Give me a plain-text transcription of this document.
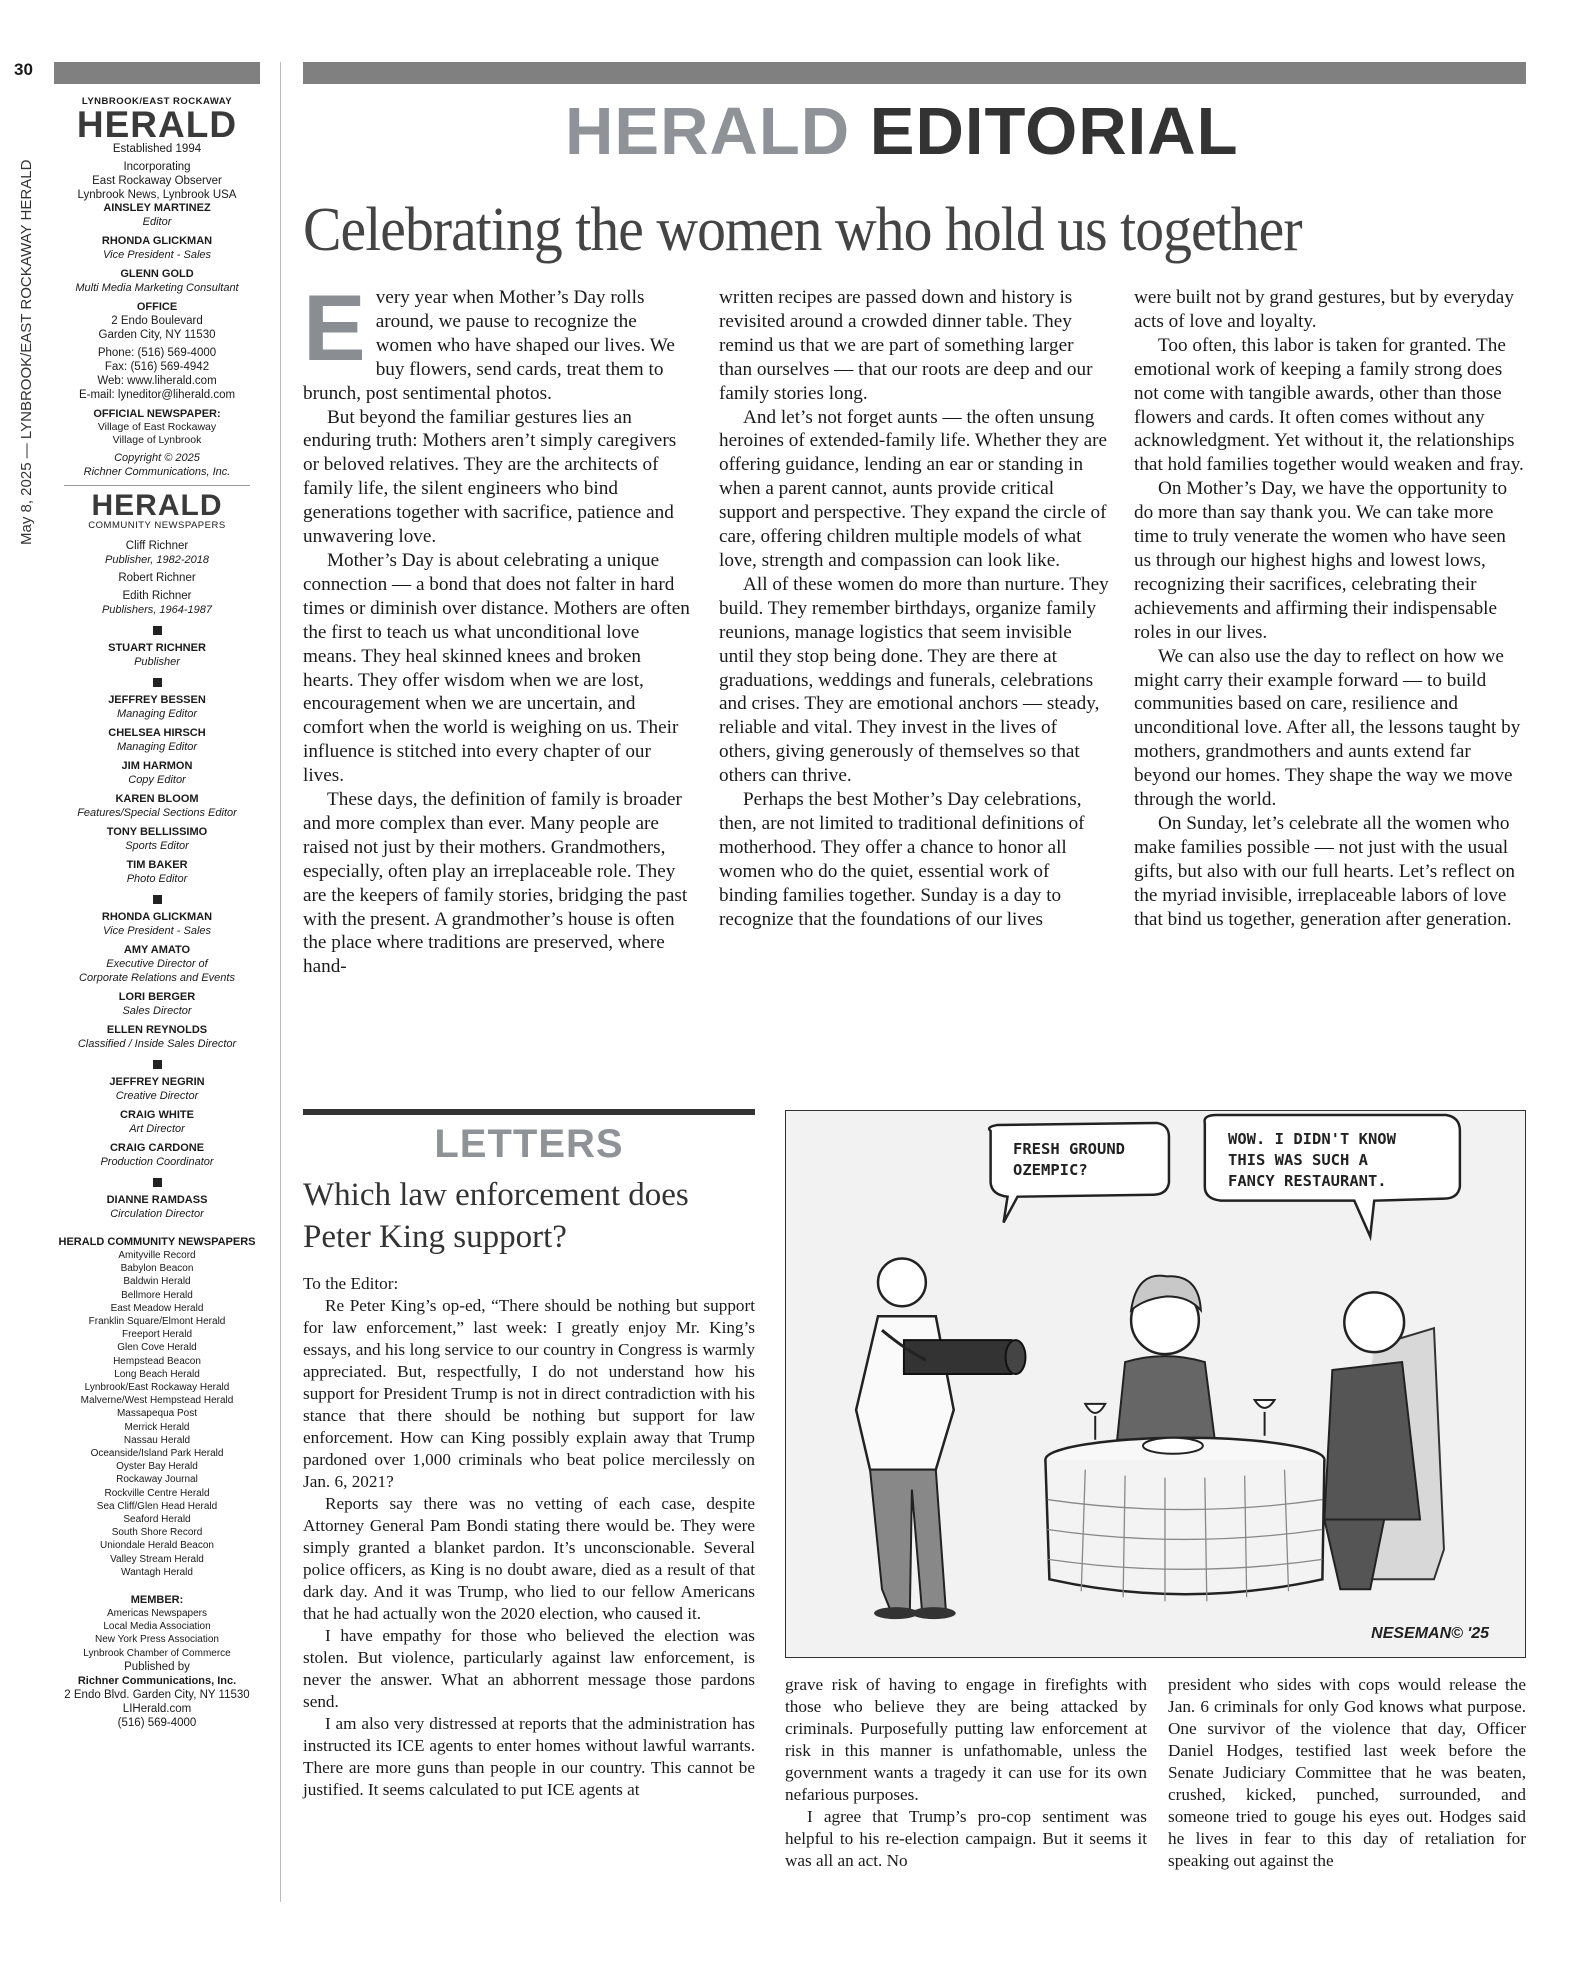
30
May 8, 2025 — LYNBROOK/EAST ROCKAWAY HERALD
LYNBROOK/EAST ROCKAWAY
HERALD
Established 1994
Incorporating
East Rockaway Observer
Lynbrook News, Lynbrook USA
AINSLEY MARTINEZ
Editor
RHONDA GLICKMAN
Vice President - Sales
GLENN GOLD
Multi Media Marketing Consultant
OFFICE
2 Endo Boulevard
Garden City, NY 11530
Phone: (516) 569-4000
Fax: (516) 569-4942
Web: www.liherald.com
E-mail: lyneditor@liherald.com
OFFICIAL NEWSPAPER:
Village of East Rockaway
Village of Lynbrook
Copyright © 2025
Richner Communications, Inc.
HERALD
COMMUNITY NEWSPAPERS
Cliff Richner
Publisher, 1982-2018
Robert Richner
Edith Richner
Publishers, 1964-1987
STUART RICHNER
Publisher
JEFFREY BESSEN
Managing Editor
CHELSEA HIRSCH
Managing Editor
JIM HARMON
Copy Editor
KAREN BLOOM
Features/Special Sections Editor
TONY BELLISSIMO
Sports Editor
TIM BAKER
Photo Editor
RHONDA GLICKMAN
Vice President - Sales
AMY AMATO
Executive Director of
Corporate Relations and Events
LORI BERGER
Sales Director
ELLEN REYNOLDS
Classified / Inside Sales Director
JEFFREY NEGRIN
Creative Director
CRAIG WHITE
Art Director
CRAIG CARDONE
Production Coordinator
DIANNE RAMDASS
Circulation Director
HERALD COMMUNITY NEWSPAPERS
Amityville Record
Babylon Beacon
Baldwin Herald
Bellmore Herald
East Meadow Herald
Franklin Square/Elmont Herald
Freeport Herald
Glen Cove Herald
Hempstead Beacon
Long Beach Herald
Lynbrook/East Rockaway Herald
Malverne/West Hempstead Herald
Massapequa Post
Merrick Herald
Nassau Herald
Oceanside/Island Park Herald
Oyster Bay Herald
Rockaway Journal
Rockville Centre Herald
Sea Cliff/Glen Head Herald
Seaford Herald
South Shore Record
Uniondale Herald Beacon
Valley Stream Herald
Wantagh Herald
MEMBER:
Americas Newspapers
Local Media Association
New York Press Association
Lynbrook Chamber of Commerce
Published by
Richner Communications, Inc.
2 Endo Blvd. Garden City, NY 11530
LIHerald.com
(516) 569-4000
HERALD EDITORIAL
Celebrating the women who hold us together

Every year when Mother’s Day rolls around, we pause to recognize the women who have shaped our lives. We buy flowers, send cards, treat them to brunch, post sentimental photos.

But beyond the familiar gestures lies an enduring truth: Mothers aren’t simply caregivers or beloved relatives. They are the architects of family life, the silent engineers who bind generations together with sacrifice, patience and unwavering love.

Mother’s Day is about celebrating a unique connection — a bond that does not falter in hard times or diminish over distance. Mothers are often the first to teach us what unconditional love means. They heal skinned knees and broken hearts. They offer wisdom when we are lost, encouragement when we are uncertain, and comfort when the world is weighing on us. Their influence is stitched into every chapter of our lives.

These days, the definition of family is broader and more complex than ever. Many people are raised not just by their mothers. Grandmothers, especially, often play an irreplaceable role. They are the keepers of family stories, bridging the past with the present. A grandmother’s house is often the place where traditions are preserved, where hand-

written recipes are passed down and history is revisited around a crowded dinner table. They remind us that we are part of something larger than ourselves — that our roots are deep and our family stories long.

And let’s not forget aunts — the often unsung heroines of extended-family life. Whether they are offering guidance, lending an ear or standing in when a parent cannot, aunts provide critical support and perspective. They expand the circle of care, offering children multiple models of what love, strength and compassion can look like.

All of these women do more than nurture. They build. They remember birthdays, organize family reunions, manage logistics that seem invisible until they stop being done. They are there at graduations, weddings and funerals, celebrations and crises. They are emotional anchors — steady, reliable and vital. They invest in the lives of others, giving generously of themselves so that others can thrive.

Perhaps the best Mother’s Day celebrations, then, are not limited to traditional definitions of motherhood. They offer a chance to honor all women who do the quiet, essential work of binding families together. Sunday is a day to recognize that the foundations of our lives

were built not by grand gestures, but by everyday acts of love and loyalty.

Too often, this labor is taken for granted. The emotional work of keeping a family strong does not come with tangible awards, other than those flowers and cards. It often comes without any acknowledgment. Yet without it, the relationships that hold families together would weaken and fray.

On Mother’s Day, we have the opportunity to do more than say thank you. We can take more time to truly venerate the women who have seen us through our highest highs and lowest lows, recognizing their sacrifices, celebrating their achievements and affirming their indispensable roles in our lives.

We can also use the day to reflect on how we might carry their example forward — to build communities based on care, resilience and unconditional love. After all, the lessons taught by mothers, grandmothers and aunts extend far beyond our homes. They shape the way we move through the world.

On Sunday, let’s celebrate all the women who make families possible — not just with the usual gifts, but also with our full hearts. Let’s reflect on the myriad invisible, irreplaceable labors of love that bind us together, generation after generation.

LETTERS
Which law enforcement does Peter King support?

To the Editor:

Re Peter King’s op-ed, “There should be nothing but support for law enforcement,” last week: I greatly enjoy Mr. King’s essays, and his long service to our country in Congress is warmly appreciated. But, respectfully, I do not understand how his support for President Trump is not in direct contradiction with his stance that there should be nothing but support for law enforcement. How can King possibly explain away that Trump pardoned over 1,000 criminals who beat police mercilessly on Jan. 6, 2021?

Reports say there was no vetting of each case, despite Attorney General Pam Bondi stating there would be. They were simply granted a blanket pardon. It’s unconscionable. Several police officers, as King is no doubt aware, died as a result of that dark day. And it was Trump, who lied to our fellow Americans that he had actually won the 2020 election, who caused it.

I have empathy for those who believed the election was stolen. But violence, particularly against law enforcement, is never the answer. What an abhorrent message those pardons send.

I am also very distressed at reports that the administration has instructed its ICE agents to enter homes without lawful warrants. There are more guns than people in our country. This cannot be justified. It seems calculated to put ICE agents at

grave risk of having to engage in firefights with those who believe they are being attacked by criminals. Purposefully putting law enforcement at risk in this manner is unfathomable, unless the government wants a tragedy it can use for its own nefarious purposes.

I agree that Trump’s pro-cop sentiment was helpful to his re-election campaign. But it seems it was all an act. No

president who sides with cops would release the Jan. 6 criminals for only God knows what purpose. One survivor of the violence that day, Officer Daniel Hodges, testified last week before the Senate Judiciary Committee that he was beaten, crushed, kicked, punched, surrounded, and someone tried to gouge his eyes out. Hodges said he lives in fear to this day of retaliation for speaking out against the

FRESH GROUND
OZEMPIC?
WOW. I DIDN'T KNOW
THIS WAS SUCH A
FANCY RESTAURANT.
NESEMAN© '25
